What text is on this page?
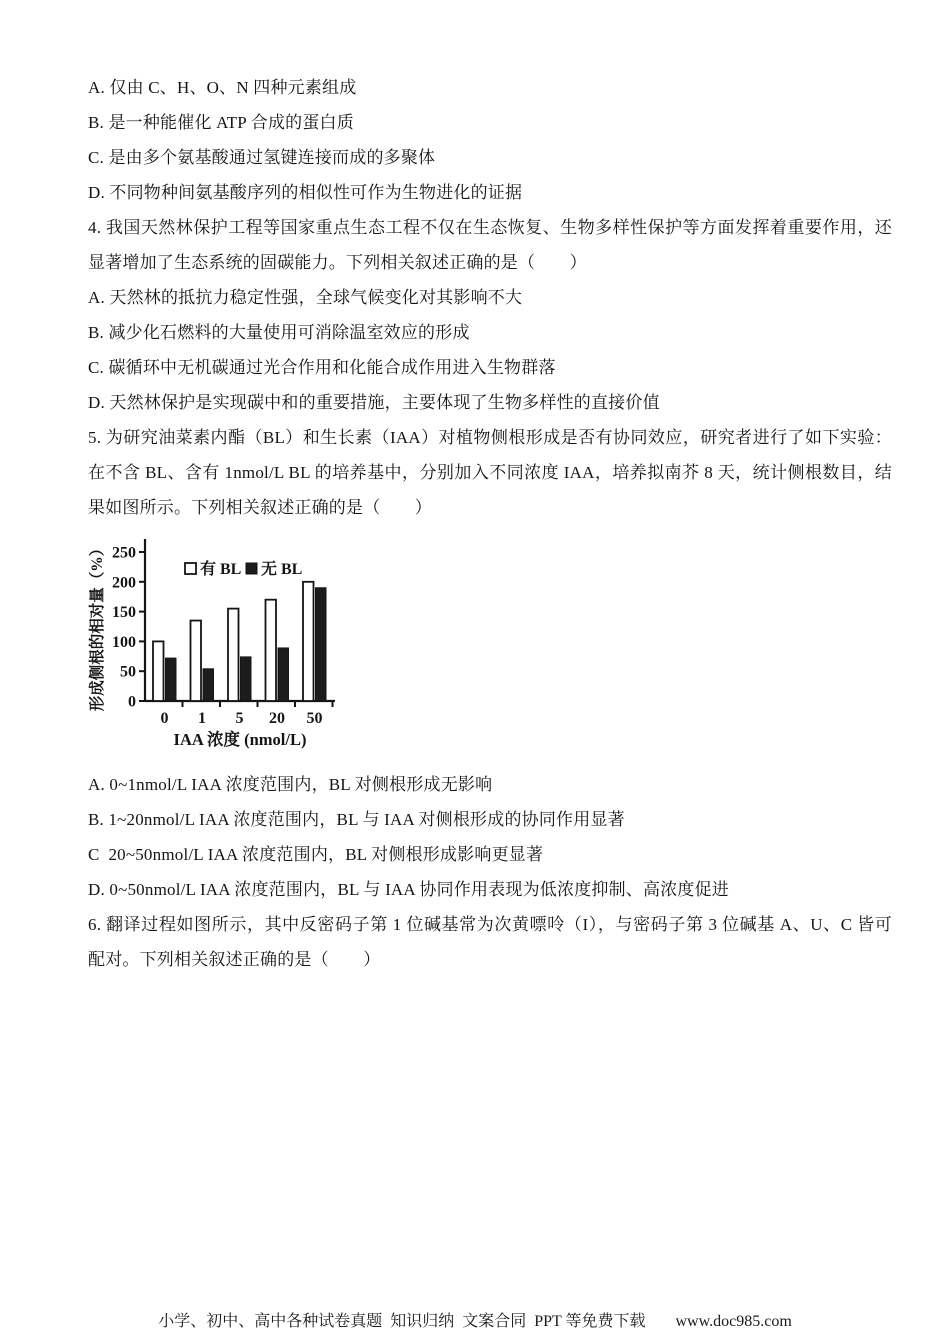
A. 仅由 C、H、O、N 四种元素组成
B. 是一种能催化 ATP 合成的蛋白质
C. 是由多个氨基酸通过氢键连接而成的多聚体
D. 不同物种间氨基酸序列的相似性可作为生物进化的证据
4. 我国天然林保护工程等国家重点生态工程不仅在生态恢复、生物多样性保护等方面发挥着重要作用，还
显著增加了生态系统的固碳能力。下列相关叙述正确的是（　　）
A. 天然林的抵抗力稳定性强，全球气候变化对其影响不大
B. 减少化石燃料的大量使用可消除温室效应的形成
C. 碳循环中无机碳通过光合作用和化能合成作用进入生物群落
D. 天然林保护是实现碳中和的重要措施，主要体现了生物多样性的直接价值
5. 为研究油菜素内酯（BL）和生长素（IAA）对植物侧根形成是否有协同效应，研究者进行了如下实验：
在不含 BL、含有 1nmol/L BL 的培养基中，分别加入不同浓度 IAA，培养拟南芥 8 天，统计侧根数目，结
果如图所示。下列相关叙述正确的是（　　）
0
50
100
150
200
250
0 1 5 20 50
有 BL 无 BL
IAA 浓度 (nmol/L)
形成侧根的相对量（%）
A. 0~1nmol/L IAA 浓度范围内，BL 对侧根形成无影响
B. 1~20nmol/L IAA 浓度范围内，BL 与 IAA 对侧根形成的协同作用显著
C  20~50nmol/L IAA 浓度范围内，BL 对侧根形成影响更显著
D. 0~50nmol/L IAA 浓度范围内，BL 与 IAA 协同作用表现为低浓度抑制、高浓度促进
6. 翻译过程如图所示，其中反密码子第 1 位碱基常为次黄嘌呤（I），与密码子第 3 位碱基 A、U、C 皆可
配对。下列相关叙述正确的是（　　）
小学、初中、高中各种试卷真题  知识归纳  文案合同  PPT 等免费下载 www.doc985.com
